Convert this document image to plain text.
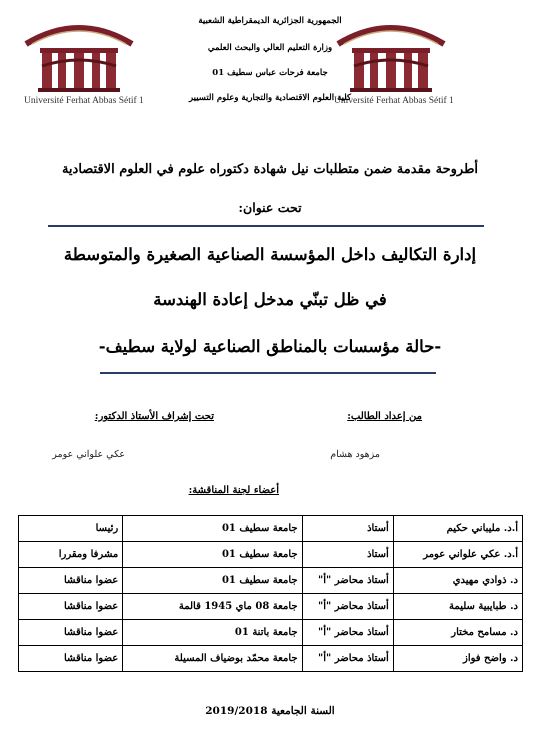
Université Ferhat Abbas Sétif 1	Université Ferhat Abbas Sétif 1
الجمهورية الجزائرية الديمقراطية الشعبية
وزارة التعليم العالي والبحث العلمي
جامعة فرحات عباس سطيف 01
كلية العلوم الاقتصادية والتجارية وعلوم التسيير
أطروحة مقدمة ضمن متطلبات نيل شهادة دكتوراه علوم في العلوم الاقتصادية
تحت عنوان:
إدارة التكاليف داخل المؤسسة الصناعية الصغيرة والمتوسطة
في ظل تبنّي مدخل إعادة الهندسة
-حالة مؤسسات بالمناطق الصناعية لولاية سطيف-
من إعداد الطالب:
مزهود هشام
تحت إشراف الأستاذ الدكتور:
عكي علواني عومر
أعضاء لجنة المناقشة:
أ.د. مليباني حكيم	أستاذ	جامعة سطيف 01	رئيسا
أ.د. عكي علواني عومر	أستاذ	جامعة سطيف 01	مشرفا ومقررا
د. ذوادي مهيدي	أستاذ محاضر "أ"	جامعة سطيف 01	عضوا مناقشا
د. طبايبية سليمة	أستاذ محاضر "أ"	جامعة 08 ماي 1945 قالمة	عضوا مناقشا
د. مسامح مختار	أستاذ محاضر "أ"	جامعة باتنة 01	عضوا مناقشا
د. واضح فواز	أستاذ محاضر "أ"	جامعة محمّد بوضياف المسيلة	عضوا مناقشا
السنة الجامعية 2019/2018
